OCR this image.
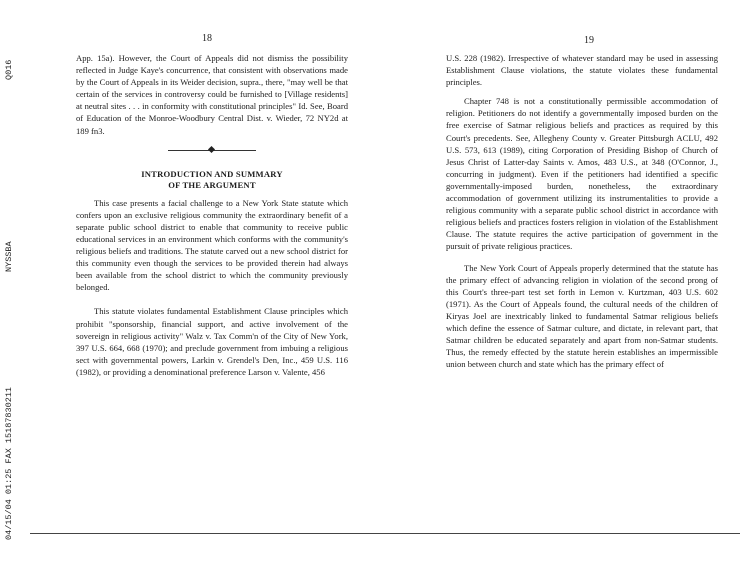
Q016
NYSSBA
04/15/04 01:25 FAX 15187830211
18	19

App. 15a). However, the Court of Appeals did not dismiss the possibility reflected in Judge Kaye's concurrence, that consistent with observations made by the Court of Appeals in its Weider decision, supra., there, "may well be that certain of the services in controversy could be furnished to [Village residents] at neutral sites . . . in conformity with constitutional principles" Id. See, Board of Education of the Monroe-Woodbury Central Dist. v. Wieder, 72 NY2d at 189 fn3.

INTRODUCTION AND SUMMARY
OF THE ARGUMENT

This case presents a facial challenge to a New York State statute which confers upon an exclusive religious community the extraordinary benefit of a separate public school district to enable that community to receive public educational services in an environment which conforms with the community's religious beliefs and traditions. The statute carved out a new school district for this community even though the services to be provided therein had always been available from the school district to which the community previously belonged.

This statute violates fundamental Establishment Clause principles which prohibit "sponsorship, financial support, and active involvement of the sovereign in religious activity" Walz v. Tax Comm'n of the City of New York, 397 U.S. 664, 668 (1970); and preclude government from imbuing a religious sect with governmental powers, Larkin v. Grendel's Den, Inc., 459 U.S. 116 (1982), or providing a denominational preference Larson v. Valente, 456

U.S. 228 (1982). Irrespective of whatever standard may be used in assessing Establishment Clause violations, the statute violates these fundamental principles.

Chapter 748 is not a constitutionally permissible accommodation of religion. Petitioners do not identify a governmentally imposed burden on the free exercise of Satmar religious beliefs and practices as required by this Court's precedents. See, Allegheny County v. Greater Pittsburgh ACLU, 492 U.S. 573, 613 (1989), citing Corporation of Presiding Bishop of Church of Jesus Christ of Latter-day Saints v. Amos, 483 U.S., at 348 (O'Connor, J., concurring in judgment). Even if the petitioners had identified a specific governmentally-imposed burden, nonetheless, the extraordinary accommodation of government utilizing its instrumentalities to provide a religious community with a separate public school district in accordance with religious beliefs and practices fosters religion in violation of the Establishment Clause. The statute requires the active participation of government in the pursuit of private religious practices.

The New York Court of Appeals properly determined that the statute has the primary effect of advancing religion in violation of the second prong of this Court's three-part test set forth in Lemon v. Kurtzman, 403 U.S. 602 (1971). As the Court of Appeals found, the cultural needs of the children of Kiryas Joel are inextricably linked to fundamental Satmar religious beliefs which define the essence of Satmar culture, and dictate, in relevant part, that Satmar children be educated separately and apart from non-Satmar students. Thus, the remedy effected by the statute herein establishes an impermissible union between church and state which has the primary effect of
